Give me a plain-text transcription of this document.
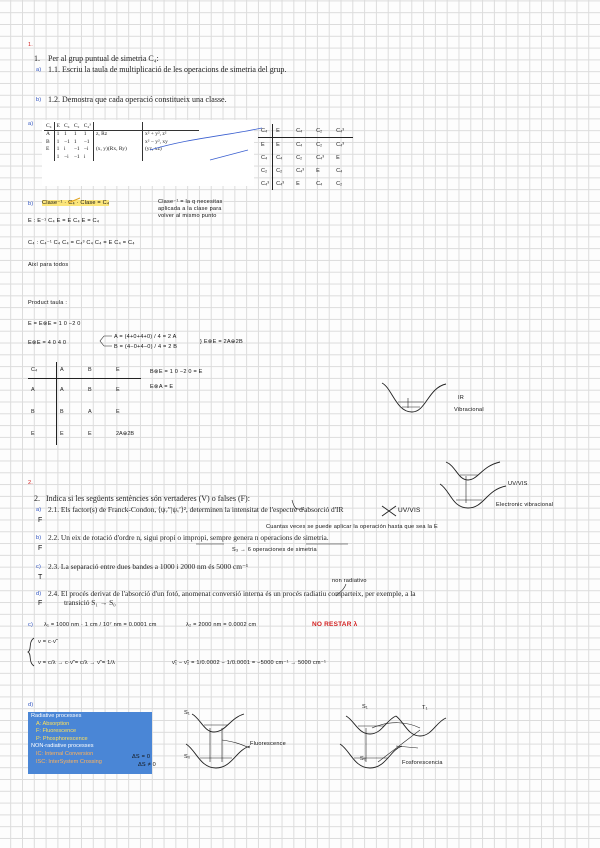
1.
1. Per al grup puntual de simetria C₄:
a) 1.1. Escriu la taula de multiplicació de les operacions de simetria del grup.
b) 1.2. Demostra que cada operació constitueix una classe.
a) C₄	E	C₄	C₂	C₄³		
A	1	1	1	1	z, Rz	x² + y², z²
B	1	−1	1	−1		x² − y², xy
E	1	i	−1	−i	(x, y)(Rx, Ry)	(yz, xz)
	1	−i	−1	i		
C₄	E	C₄	C₂	C₄³
E	E	C₄	C₂	C₄³
C₄	C₄	C₂	C₄³	E
C₂	C₂	C₄³	E	C₄
C₄³	C₄³	E	C₄	C₂
b)	Clase⁻¹ · C₄ · Clase = C₄	Clase⁻¹ = la q necesitas
aplicada a la clase para
volver al mismo punto
E : E⁻¹ C₄ E = E C₄ E = C₄
C₄ : C₄⁻¹ C₄ C₄ = C₄³ C₄ C₄ = E C₄ = C₄
Així para todos
Product taula :
E = E⊗E = 1 0 −2 0
E⊗E = 4 0 4 0
A = (4+0+4+0) / 4 = 2 A
B = (4−0+4−0) / 4 = 2 B
} E⊗E = 2A⊕2B
B⊗E = 1 0 −2 0 = E
E⊗A = E
C₄	A	B	E
A	A	B	E
B	B	A	E
E	E	E	2A⊕2B
IR
Vibracional
UV/VIS
Electronic vibracional
2.
2. Indica si les següents sentències són vertaderes (V) o falses (F):
a) 2.1. Els factor(s) de Franck-Condon, ⟨ψᵥ′′|ψᵥ′⟩², determinen la intensitat de l'espectre d'absorció d'IR
F
UV/VIS
Cuantas veces se puede aplicar la operación hasta que sea la E
b) 2.2. Un eix de rotació d'ordre n, sigui propi o impropi, sempre genera n operacions de simetria.
F	S₃ → 6 operaciones de simetria
c) 2.3. La separació entre dues bandes a 1000 i 2000 nm és 5000 cm⁻¹
T	non radiativo
d) 2.4. El procés derivat de l'absorció d'un fotó, anomenat conversió interna és un procés radiatiu comparteix, per exemple, a la
transició S₁ → S₀
F
c) λ₁ = 1000 nm · 1 cm / 10⁷ nm = 0.0001 cm	λ₂ = 2000 nm = 0.0002 cm	NO RESTAR λ
ν = c·ν̃
ν = c/λ → c·ν̃ = c/λ → ν̃ = 1/λ	ν̃₁ − ν̃₂ = 1/0.0002 − 1/0.0001 = −5000 cm⁻¹ → 5000 cm⁻¹
d)
Radiative processes
A: Absorption
F: Fluorescence
P: Phosphorescence
NON-radiative processes
IC: Internal Conversion
ISC: InterSystem Crossing
ΔS = 0
ΔS ≠ 0
S₁
S₀
Fluorescence
S₁	T₁
S₀
Fosforescencia
